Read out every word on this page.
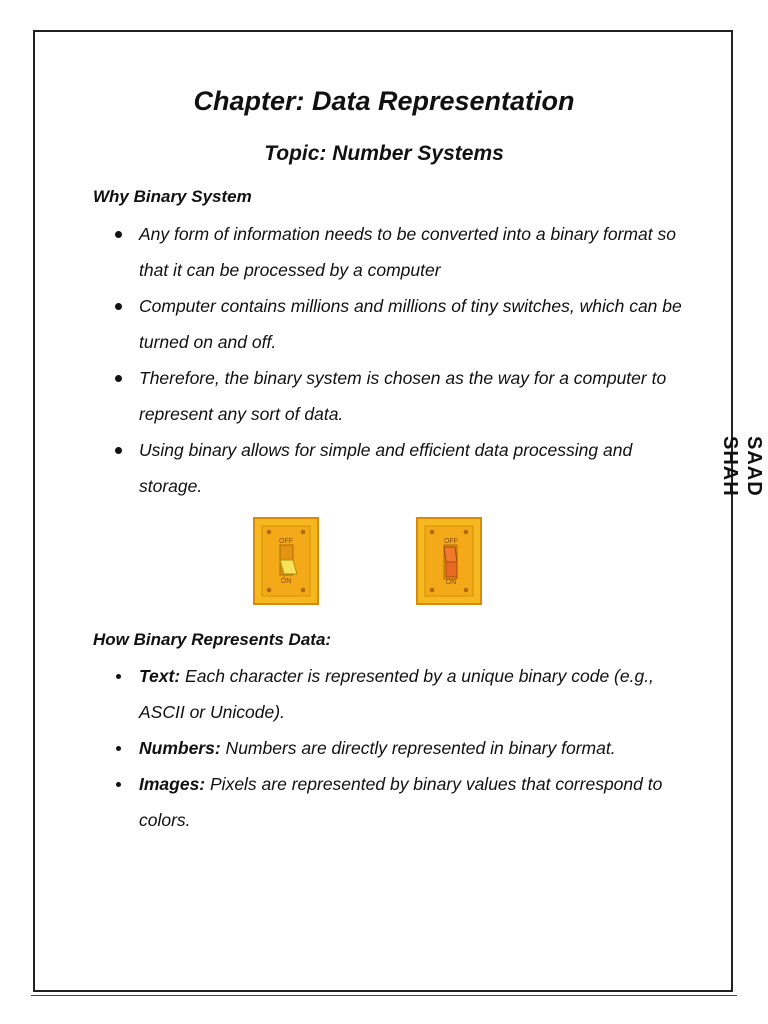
Chapter: Data Representation
Topic: Number Systems
SAAD SHAH
Why Binary System
Any form of information needs to be converted into a binary format so that it can be processed by a computer
Computer contains millions and millions of tiny switches, which can be turned on and off.
Therefore, the binary system is chosen as the way for a computer to represent any sort of data.
Using binary allows for simple and efficient data processing and storage.
OFF
ON
OFF
ON
How Binary Represents Data:
Text: Each character is represented by a unique binary code (e.g., ASCII or Unicode).
Numbers: Numbers are directly represented in binary format.
Images: Pixels are represented by binary values that correspond to colors.
